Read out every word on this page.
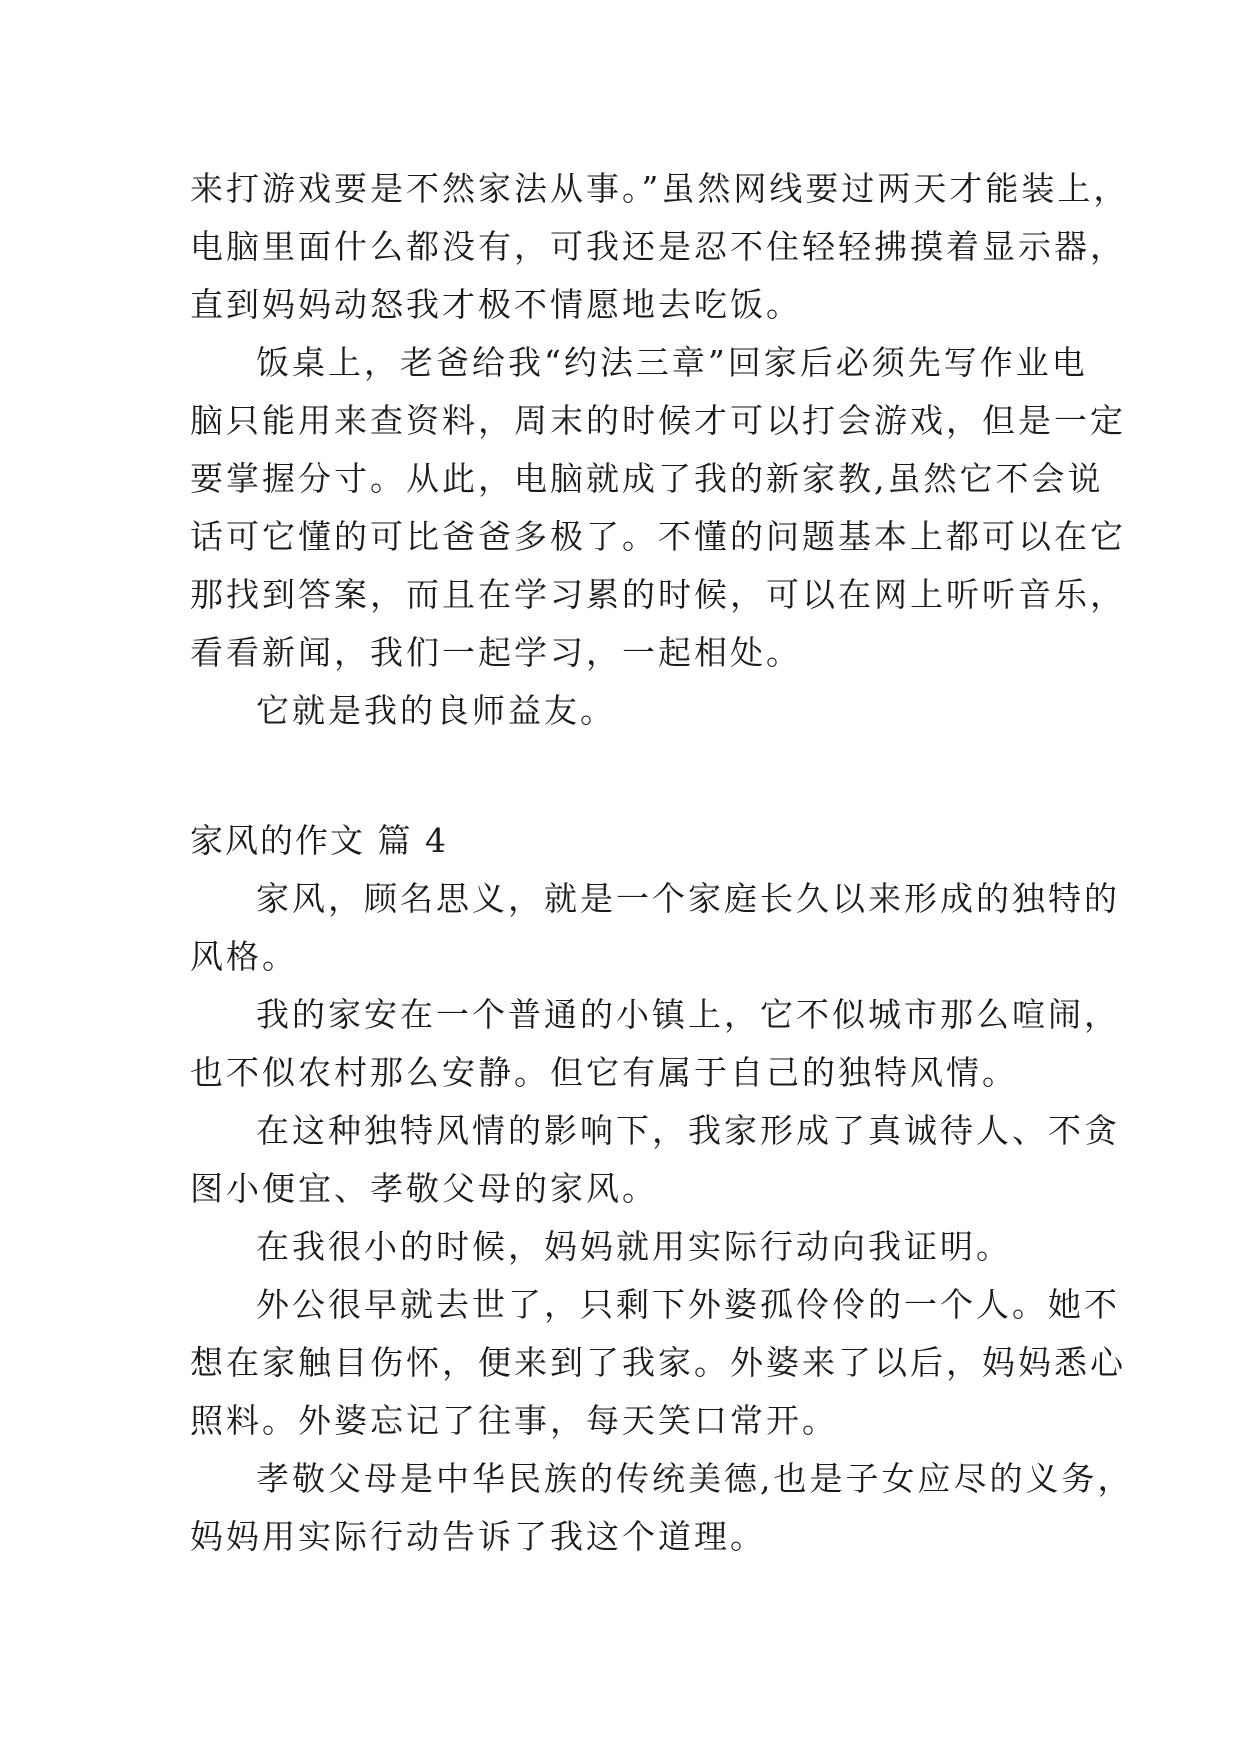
来打游戏要是不然家法从事。”虽然网线要过两天才能装上，
电脑里面什么都没有，可我还是忍不住轻轻拂摸着显示器，
直到妈妈动怒我才极不情愿地去吃饭。
饭桌上，老爸给我“约法三章”回家后必须先写作业电
脑只能用来查资料，周末的时候才可以打会游戏，但是一定
要掌握分寸。从此，电脑就成了我的新家教,虽然它不会说
话可它懂的可比爸爸多极了。不懂的问题基本上都可以在它
那找到答案，而且在学习累的时候，可以在网上听听音乐，
看看新闻，我们一起学习，一起相处。
它就是我的良师益友。
家风的作文 篇 4
家风，顾名思义，就是一个家庭长久以来形成的独特的
风格。
我的家安在一个普通的小镇上，它不似城市那么喧闹，
也不似农村那么安静。但它有属于自己的独特风情。
在这种独特风情的影响下，我家形成了真诚待人、不贪
图小便宜、孝敬父母的家风。
在我很小的时候，妈妈就用实际行动向我证明。
外公很早就去世了，只剩下外婆孤伶伶的一个人。她不
想在家触目伤怀，便来到了我家。外婆来了以后，妈妈悉心
照料。外婆忘记了往事，每天笑口常开。
孝敬父母是中华民族的传统美德,也是子女应尽的义务，
妈妈用实际行动告诉了我这个道理。
